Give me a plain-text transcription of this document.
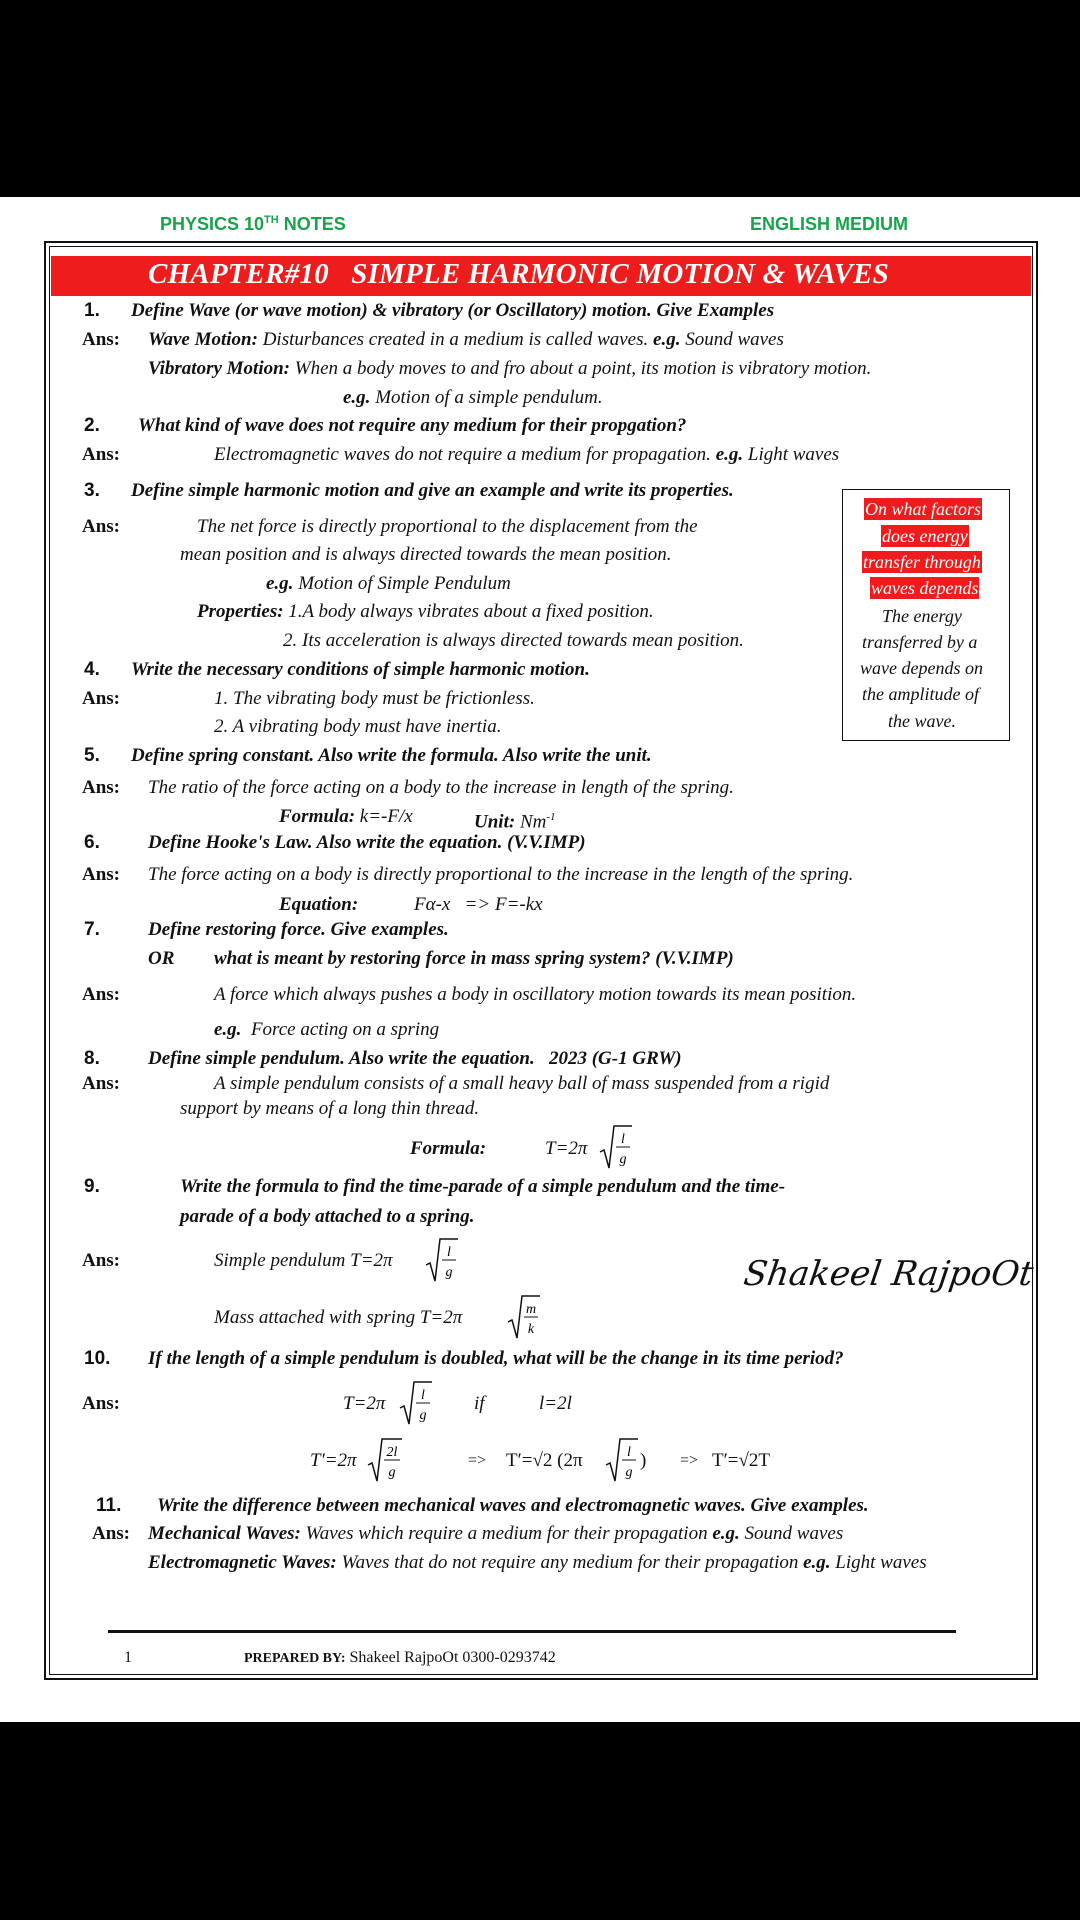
PHYSICS 10TH NOTES	ENGLISH MEDIUM
CHAPTER#10   SIMPLE HARMONIC MOTION & WAVES
1. Define Wave (or wave motion) & vibratory (or Oscillatory) motion. Give Examples
Ans: Wave Motion: Disturbances created in a medium is called waves. e.g. Sound waves
Vibratory Motion: When a body moves to and fro about a point, its motion is vibratory motion.
e.g. Motion of a simple pendulum.
2. What kind of wave does not require any medium for their propgation?
Ans:	Electromagnetic waves do not require a medium for propagation. e.g. Light waves
3. Define simple harmonic motion and give an example and write its properties.
Ans:	The net force is directly proportional to the displacement from the
mean position and is always directed towards the mean position.
e.g. Motion of Simple Pendulum
Properties: 1.A body always vibrates about a fixed position.
2. Its acceleration is always directed towards mean position.
On what factors
does energy
transfer through
waves depends
The energy
transferred by a
wave depends on
the amplitude of
the wave.
4. Write the necessary conditions of simple harmonic motion.
Ans:	1. The vibrating body must be frictionless.
2. A vibrating body must have inertia.
5. Define spring constant. Also write the formula. Also write the unit.
Ans: The ratio of the force acting on a body to the increase in length of the spring.
Formula: k=-F/x	Unit: $Nm^{-1}$
6.	Define Hooke's Law. Also write the equation. (V.V.IMP)
Ans: The force acting on a body is directly proportional to the increase in the length of the spring.
Equation:	Fα-x   => F=-kx
7.	Define restoring force. Give examples.
OR what is meant by restoring force in mass spring system? (V.V.IMP)
Ans:	A force which always pushes a body in oscillatory motion towards its mean position.
e.g.  Force acting on a spring
8.	Define simple pendulum. Also write the equation.   2023 (G-1 GRW)
Ans:	A simple pendulum consists of a small heavy ball of mass suspended from a rigid
support by means of a long thin thread.
Formula:	T=2π l
g
9.	Write the formula to find the time-parade of a simple pendulum and the time-
parade of a body attached to a spring.
Ans:	Simple pendulum T=2π	l
g
Mass attached with spring T=2π	m
k
Shakeel RajpoOt
10. If the length of a simple pendulum is doubled, what will be the change in its time period?
Ans:	T=2π	l
g
if	l=2l
T′=2π 2l
g
=> T′=√2 (2π	l
g
) => T′=√2T
11. Write the difference between mechanical waves and electromagnetic waves. Give examples.
Ans: Mechanical Waves: Waves which require a medium for their propagation e.g. Sound waves
Electromagnetic Waves: Waves that do not require any medium for their propagation e.g. Light waves
1	PREPARED BY: Shakeel RajpoOt 0300-0293742
